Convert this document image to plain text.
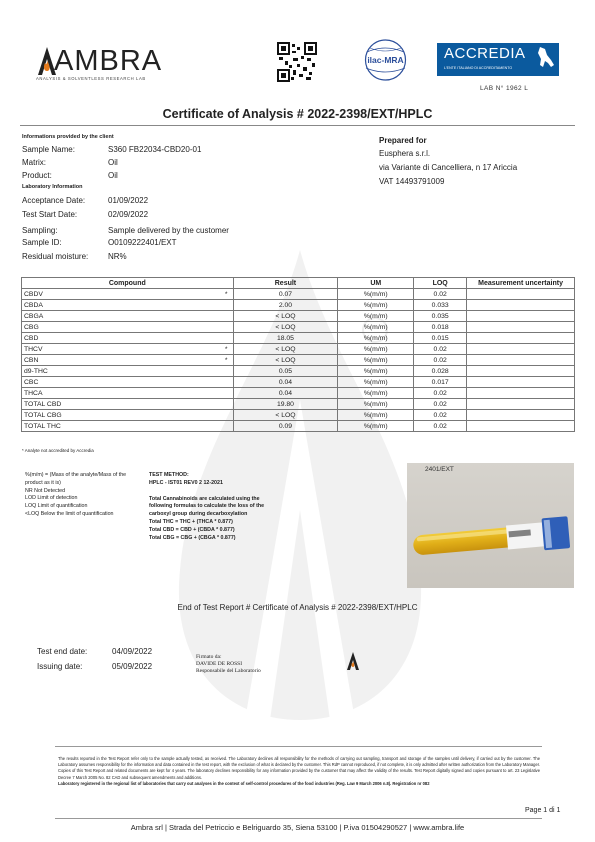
AMBRA
ANALYSIS & SOLVENTLESS RESEARCH LAB
ilac-MRA	ACCREDIA
L'ENTE ITALIANO DI ACCREDITAMENTO
LAB N° 1962 L
Certificate of Analysis # 2022-2398/EXT/HPLC
Informations provided by the client
Sample Name:	S360 FB22034-CBD20-01
Matrix:	Oil
Product:	Oil
Laboratory Information
Acceptance Date:	01/09/2022
Test Start Date:	02/09/2022
Sampling:	Sample delivered by the customer
Sample ID:	O0109222401/EXT
Residual moisture: NR%
Prepared for
Eusphera s.r.l.
via Variante di Cancelliera, n 17 Ariccia
VAT 14493791009
Compound	Result	UM	LOQ	Measurement uncertainty
CBDV *	0.07	%(m/m)	0.02	
CBDA	2.00	%(m/m)	0.033	
CBGA	< LOQ	%(m/m)	0.035	
CBG	< LOQ	%(m/m)	0.018	
CBD	18.05	%(m/m)	0.015	
THCV *	< LOQ	%(m/m)	0.02	
CBN *	< LOQ	%(m/m)	0.02	
d9-THC	0.05	%(m/m)	0.028	
CBC	0.04	%(m/m)	0.017	
THCA	0.04	%(m/m)	0.02	
TOTAL CBD	19.80	%(m/m)	0.02	
TOTAL CBG	< LOQ	%(m/m)	0.02	
TOTAL THC	0.09	%(m/m)	0.02	
* Analyte not accredited by Accredia
%(m/m) = (Mass of the analyte/Mass of the product as it is)
NR Not Detected
LOD Limit of detection
LOQ Limit of quantification
<LOQ Below the limit of quantification
TEST METHOD:
HPLC - IST01 REV0 2 12-2021
Total Cannabinoids are calculated using the following formulas to calculate the loss of the carboxyl group during decarboxylation
Total THC = THC + (THCA * 0.877)
Total CBD = CBD + (CBDA * 0.877)
Total CBG = CBG + (CBGA * 0.877)
2401/EXT
End of Test Report # Certificate of Analysis # 2022-2398/EXT/HPLC
Test end date:	04/09/2022
Issuing date:	05/09/2022
Firmato da:
DAVIDE DE ROSSI
Responsabile del Laboratorio
The results reported in the Test Report refer only to the sample actually tested, as received. The Laboratory declines all responsibility for the methods of carrying out sampling, transport and storage of the samples until delivery, if carried out by the customer. The Laboratory assumes responsibility for the information and data contained in the test report, with the exclusion of what is declared by the customer. This RdP cannot reproduced, if not complete, it is only admitted after written authorization from the Laboratory Manager. Copies of this Test Report and related documents are kept for 4 years. The laboratory declines responsibility for any information provided by the customer that may affect the validity of the results. Test Report digitally signed and copies pursuant to art. 23 Legislative Decree 7 March 2005 No. 82 CAD and subsequent amendments and additions.
Laboratory registered in the regional list of laboratories that carry out analyses in the context of self-control procedures of the food industries (Reg. Law 9 March 2006 n.8). Registration nr 082
Page 1 di 1
Ambra srl | Strada del Petriccio e Belriguardo 35, Siena 53100 | P.iva 01504290527 | www.ambra.life
